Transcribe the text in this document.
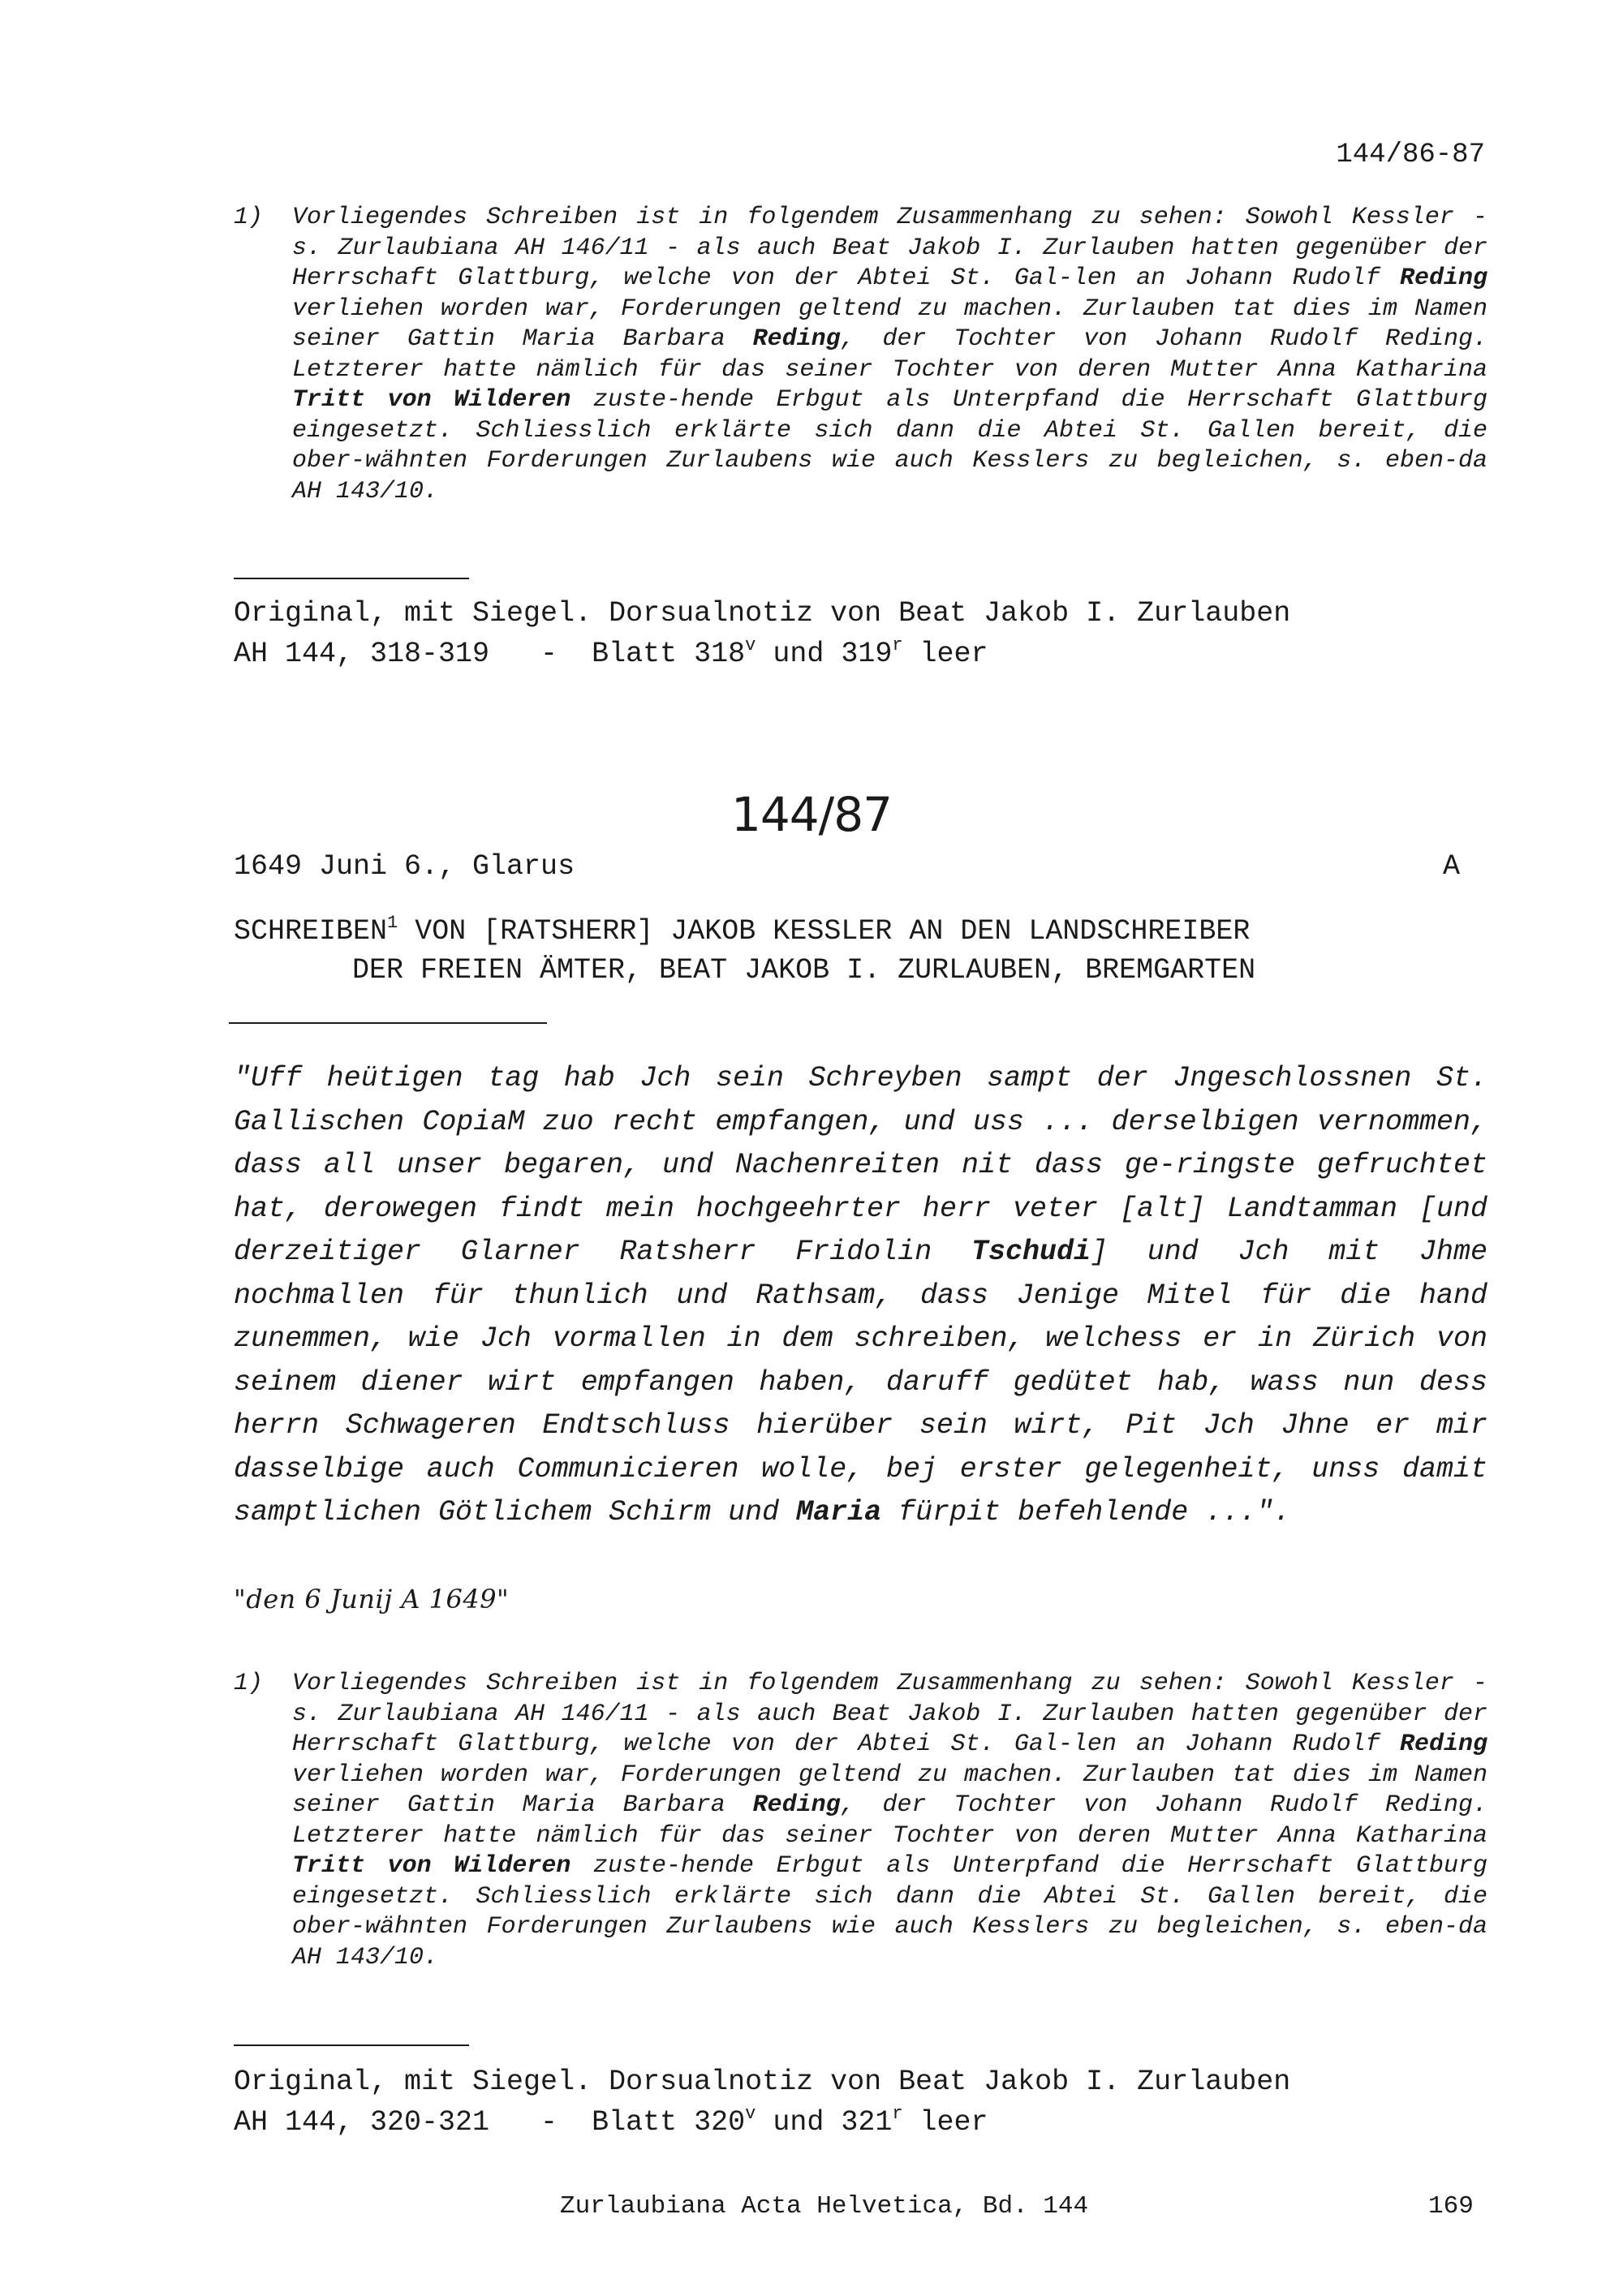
144/86-87
1) Vorliegendes Schreiben ist in folgendem Zusammenhang zu sehen: Sowohl Kessler - s. Zurlaubiana AH 146/11 - als auch Beat Jakob I. Zurlauben hatten gegenüber der Herrschaft Glattburg, welche von der Abtei St. Gal-len an Johann Rudolf Reding verliehen worden war, Forderungen geltend zu machen. Zurlauben tat dies im Namen seiner Gattin Maria Barbara Reding, der Tochter von Johann Rudolf Reding. Letzterer hatte nämlich für das seiner Tochter von deren Mutter Anna Katharina Tritt von Wilderen zuste-hende Erbgut als Unterpfand die Herrschaft Glattburg eingesetzt. Schliesslich erklärte sich dann die Abtei St. Gallen bereit, die ober-wähnten Forderungen Zurlaubens wie auch Kesslers zu begleichen, s. eben-da AH 143/10.
Original, mit Siegel. Dorsualnotiz von Beat Jakob I. Zurlauben
AH 144, 318-319   -  Blatt 318$^v$ und 319$^r$ leer
144/87
1649 Juni 6., Glarus	A
SCHREIBEN$^1$ VON [RATSHERR] JAKOB KESSLER AN DEN LANDSCHREIBER
DER FREIEN ÄMTER, BEAT JAKOB I. ZURLAUBEN, BREMGARTEN

"Uff heütigen tag hab Jch sein Schreyben sampt der Jngeschlossnen St. Gallischen CopiaM zuo recht empfangen, und uss ... derselbigen vernommen, dass all unser begaren, und Nachenreiten nit dass ge-ringste gefruchtet hat, derowegen findt mein hochgeehrter herr veter [alt] Landtamman [und derzeitiger Glarner Ratsherr Fridolin Tschudi] und Jch mit Jhme nochmallen für thunlich und Rathsam, dass Jenige Mitel für die hand zunemmen, wie Jch vormallen in dem schreiben, welchess er in Zürich von seinem diener wirt empfangen haben, daruff gedütet hab, wass nun dess herrn Schwageren Endtschluss hierüber sein wirt, Pit Jch Jhne er mir dasselbige auch Communicieren wolle, bej erster gelegenheit, unss damit samptlichen Götlichem Schirm und Maria fürpit befehlende ...".

"den 6 Junij A 1649"
1) Vorliegendes Schreiben ist in folgendem Zusammenhang zu sehen: Sowohl Kessler - s. Zurlaubiana AH 146/11 - als auch Beat Jakob I. Zurlauben hatten gegenüber der Herrschaft Glattburg, welche von der Abtei St. Gal-len an Johann Rudolf Reding verliehen worden war, Forderungen geltend zu machen. Zurlauben tat dies im Namen seiner Gattin Maria Barbara Reding, der Tochter von Johann Rudolf Reding. Letzterer hatte nämlich für das seiner Tochter von deren Mutter Anna Katharina Tritt von Wilderen zuste-hende Erbgut als Unterpfand die Herrschaft Glattburg eingesetzt. Schliesslich erklärte sich dann die Abtei St. Gallen bereit, die ober-wähnten Forderungen Zurlaubens wie auch Kesslers zu begleichen, s. eben-da AH 143/10.
Original, mit Siegel. Dorsualnotiz von Beat Jakob I. Zurlauben
AH 144, 320-321   -  Blatt 320$^v$ und 321$^r$ leer
Zurlaubiana Acta Helvetica, Bd. 144	169
